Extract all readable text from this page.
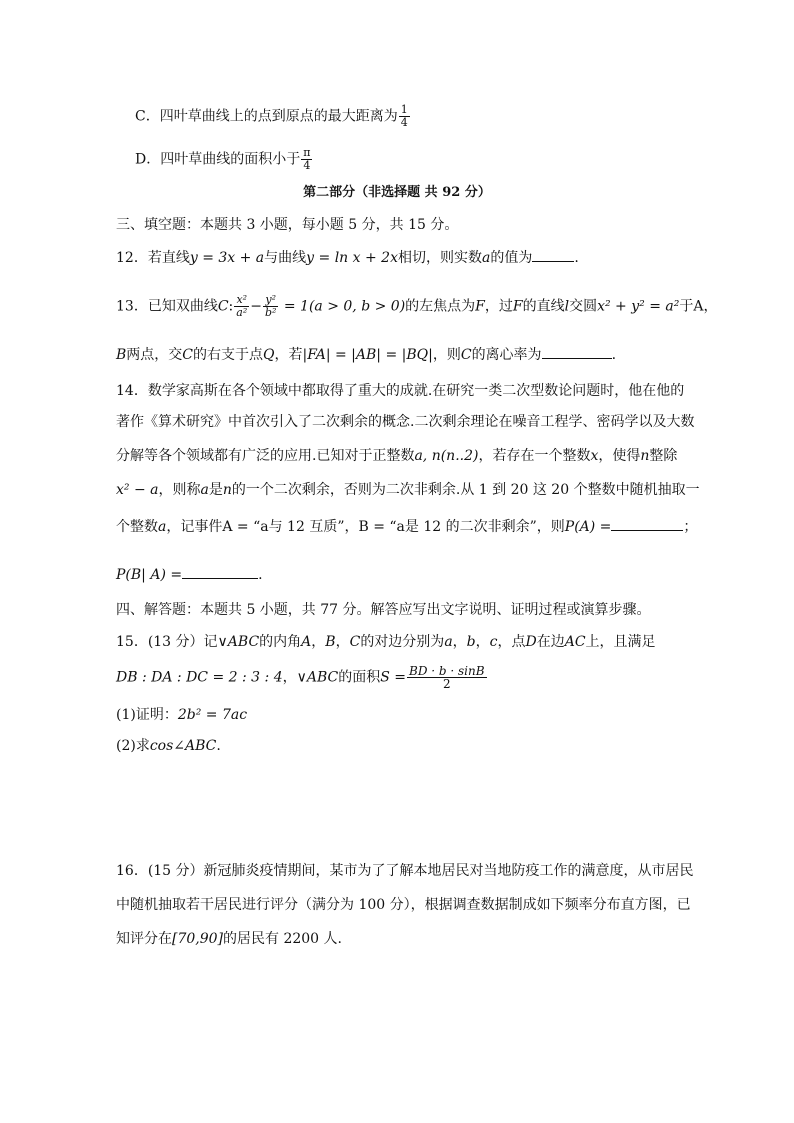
C．四叶草曲线上的点到原点的最大距离为 $\frac{1}{4}$
D．四叶草曲线的面积小于 $\frac{\pi}{4}$
第二部分（非选择题 共 92 分）
三、填空题：本题共 3 小题，每小题 5 分，共 15 分。
12．若直线y = 3x + a与曲线y = ln x + 2x相切，则实数a的值为	.
13．已知双曲线C: $\frac{\text{x²}}{\text{a²}} - \frac{\text{y²}}{\text{b²}} = 1(a > 0$, b > 0)的左焦点为F，过F的直线l交圆x² + y² = a²于A，
B两点，交C的右支于点Q，若|FA| = |AB| = |BQ|，则C的离心率为	.
14．数学家高斯在各个领域中都取得了重大的成就.在研究一类二次型数论问题时，他在他的
著作《算术研究》中首次引入了二次剩余的概念.二次剩余理论在噪音工程学、密码学以及大数
分解等各个领域都有广泛的应用.已知对于正整数a, n(n..2)，若存在一个整数x，使得n整除
x² − a，则称a是n的一个二次剩余，否则为二次非剩余.从 1 到 20 这 20 个整数中随机抽取一
个整数a，记事件A = “a与 12 互质”，B = “a是 12 的二次非剩余”，则P(A) =	；
P(B| A) =	.
四、解答题：本题共 5 小题，共 77 分。解答应写出文字说明、证明过程或演算步骤。
15．(13 分）记∨ABC的内角A，B，C的对边分别为a，b，c，点D在边AC上，且满足
DB : DA : DC = 2 : 3 : 4，∨ABC的面积$S = \frac{BD \cdot b \cdot \sin B}{2}$
(1)证明：2b² = 7ac
(2)求cos∠ABC.
16．(15 分）新冠肺炎疫情期间，某市为了了解本地居民对当地防疫工作的满意度，从市居民
中随机抽取若干居民进行评分（满分为 100 分），根据调查数据制成如下频率分布直方图，已
知评分在[70,90]的居民有 2200 人.
